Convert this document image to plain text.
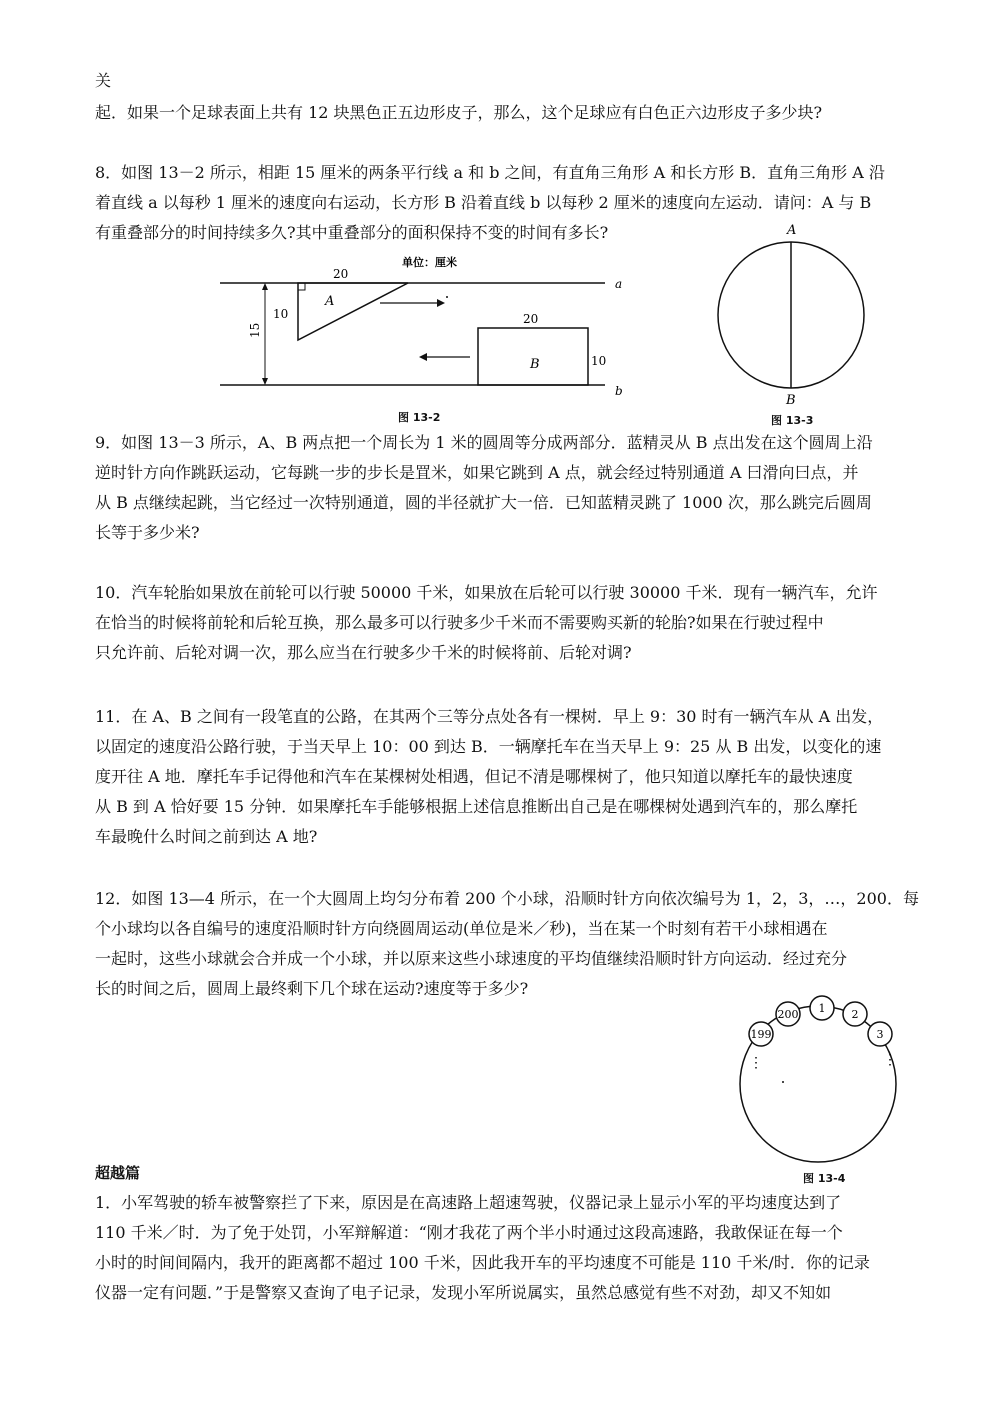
关
起．如果一个足球表面上共有 12 块黑色正五边形皮子，那么，这个足球应有白色正六边形皮子多少块?
8．如图 13－2 所示，相距 15 厘米的两条平行线 a 和 b 之间，有直角三角形 A 和长方形 B．直角三角形 A 沿
着直线 a 以每秒 1 厘米的速度向右运动，长方形 B 沿着直线 b 以每秒 2 厘米的速度向左运动．请问：A 与 B
有重叠部分的时间持续多久?其中重叠部分的面积保持不变的时间有多长?
单位：厘米
a
b
A
20
10
15
B
20
10
图 13-2
A
B
图 13-3
9．如图 13－3 所示，A、B 两点把一个周长为 1 米的圆周等分成两部分．蓝精灵从 B 点出发在这个圆周上沿
逆时针方向作跳跃运动，它每跳一步的步长是罝米，如果它跳到 A 点，就会经过特别通道 A 曰滑向曰点，并
从 B 点继续起跳，当它经过一次特别通道，圆的半径就扩大一倍．已知蓝精灵跳了 1000 次，那么跳完后圆周
长等于多少米?
10．汽车轮胎如果放在前轮可以行驶 50000 千米，如果放在后轮可以行驶 30000 千米．现有一辆汽车，允许
在恰当的时候将前轮和后轮互换，那么最多可以行驶多少千米而不需要购买新的轮胎?如果在行驶过程中
只允许前、后轮对调一次，那么应当在行驶多少千米的时候将前、后轮对调?
11．在 A、B 之间有一段笔直的公路，在其两个三等分点处各有一棵树．早上 9：30 时有一辆汽车从 A 出发，
以固定的速度沿公路行驶，于当天早上 10：00 到达 B．一辆摩托车在当天早上 9：25 从 B 出发，以变化的速
度开往 A 地．摩托车手记得他和汽车在某棵树处相遇，但记不清是哪棵树了，他只知道以摩托车的最快速度
从 B 到 A 恰好要 15 分钟．如果摩托车手能够根据上述信息推断出自己是在哪棵树处遇到汽车的，那么摩托
车最晚什么时间之前到达 A 地?
12．如图 13—4 所示，在一个大圆周上均匀分布着 200 个小球，沿顺时针方向依次编号为 1，2，3，…，200．每
个小球均以各自编号的速度沿顺时针方向绕圆周运动(单位是米／秒)，当在某一个时刻有若干小球相遇在
一起时，这些小球就会合并成一个小球，并以原来这些小球速度的平均值继续沿顺时针方向运动．经过充分
长的时间之后，圆周上最终剩下几个球在运动?速度等于多少?
200 1 2
3
199
⋮	⋮
图 13-4
超越篇
1．小军驾驶的轿车被警察拦了下来，原因是在高速路上超速驾驶，仪器记录上显示小军的平均速度达到了
110 千米／时．为了免于处罚，小军辩解道：“刚才我花了两个半小时通过这段高速路，我敢保证在每一个
小时的时间间隔内，我开的距离都不超过 100 千米，因此我开车的平均速度不可能是 110 千米/时．你的记录
仪器一定有问题．”于是警察又查询了电子记录，发现小军所说属实，虽然总感觉有些不对劲，却又不知如
